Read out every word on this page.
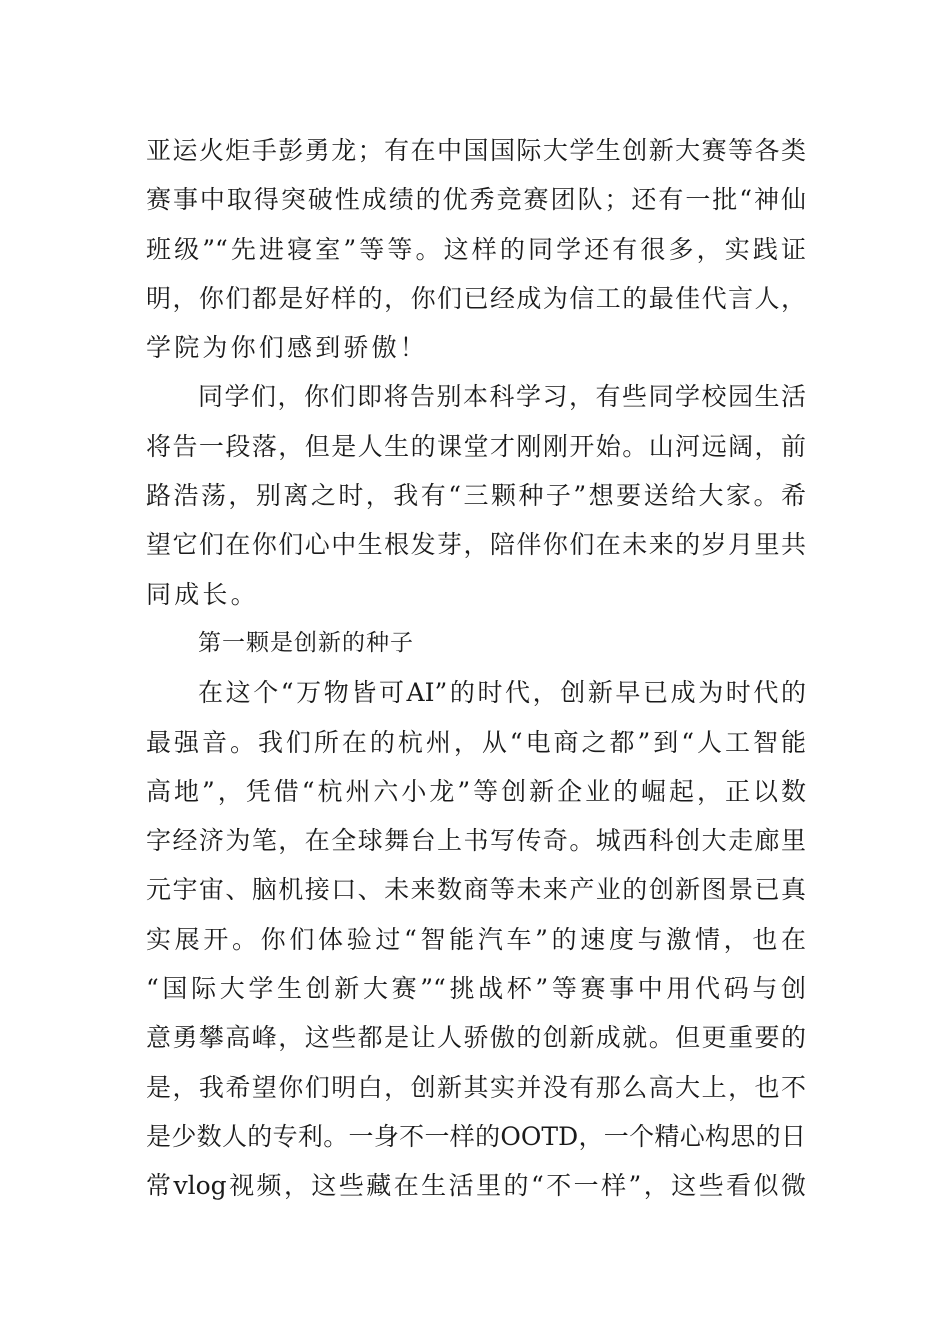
亚运火炬手彭勇龙；有在中国国际大学生创新大赛等各类
赛事中取得突破性成绩的优秀竞赛团队；还有一批“神仙
班级”“先进寝室”等等。这样的同学还有很多，实践证
明，你们都是好样的，你们已经成为信工的最佳代言人，
学院为你们感到骄傲！
同学们，你们即将告别本科学习，有些同学校园生活
将告一段落，但是人生的课堂才刚刚开始。山河远阔，前
路浩荡，别离之时，我有“三颗种子”想要送给大家。希
望它们在你们心中生根发芽，陪伴你们在未来的岁月里共
同成长。
第一颗是创新的种子
在这个“万物皆可AI”的时代，创新早已成为时代的
最强音。我们所在的杭州，从“电商之都”到“人工智能
高地”，凭借“杭州六小龙”等创新企业的崛起，正以数
字经济为笔，在全球舞台上书写传奇。城西科创大走廊里
元宇宙、脑机接口、未来数商等未来产业的创新图景已真
实展开。你们体验过“智能汽车”的速度与激情，也在
“国际大学生创新大赛”“挑战杯”等赛事中用代码与创
意勇攀高峰，这些都是让人骄傲的创新成就。但更重要的
是，我希望你们明白，创新其实并没有那么高大上，也不
是少数人的专利。一身不一样的OOTD，一个精心构思的日
常vlog视频，这些藏在生活里的“不一样”，这些看似微
